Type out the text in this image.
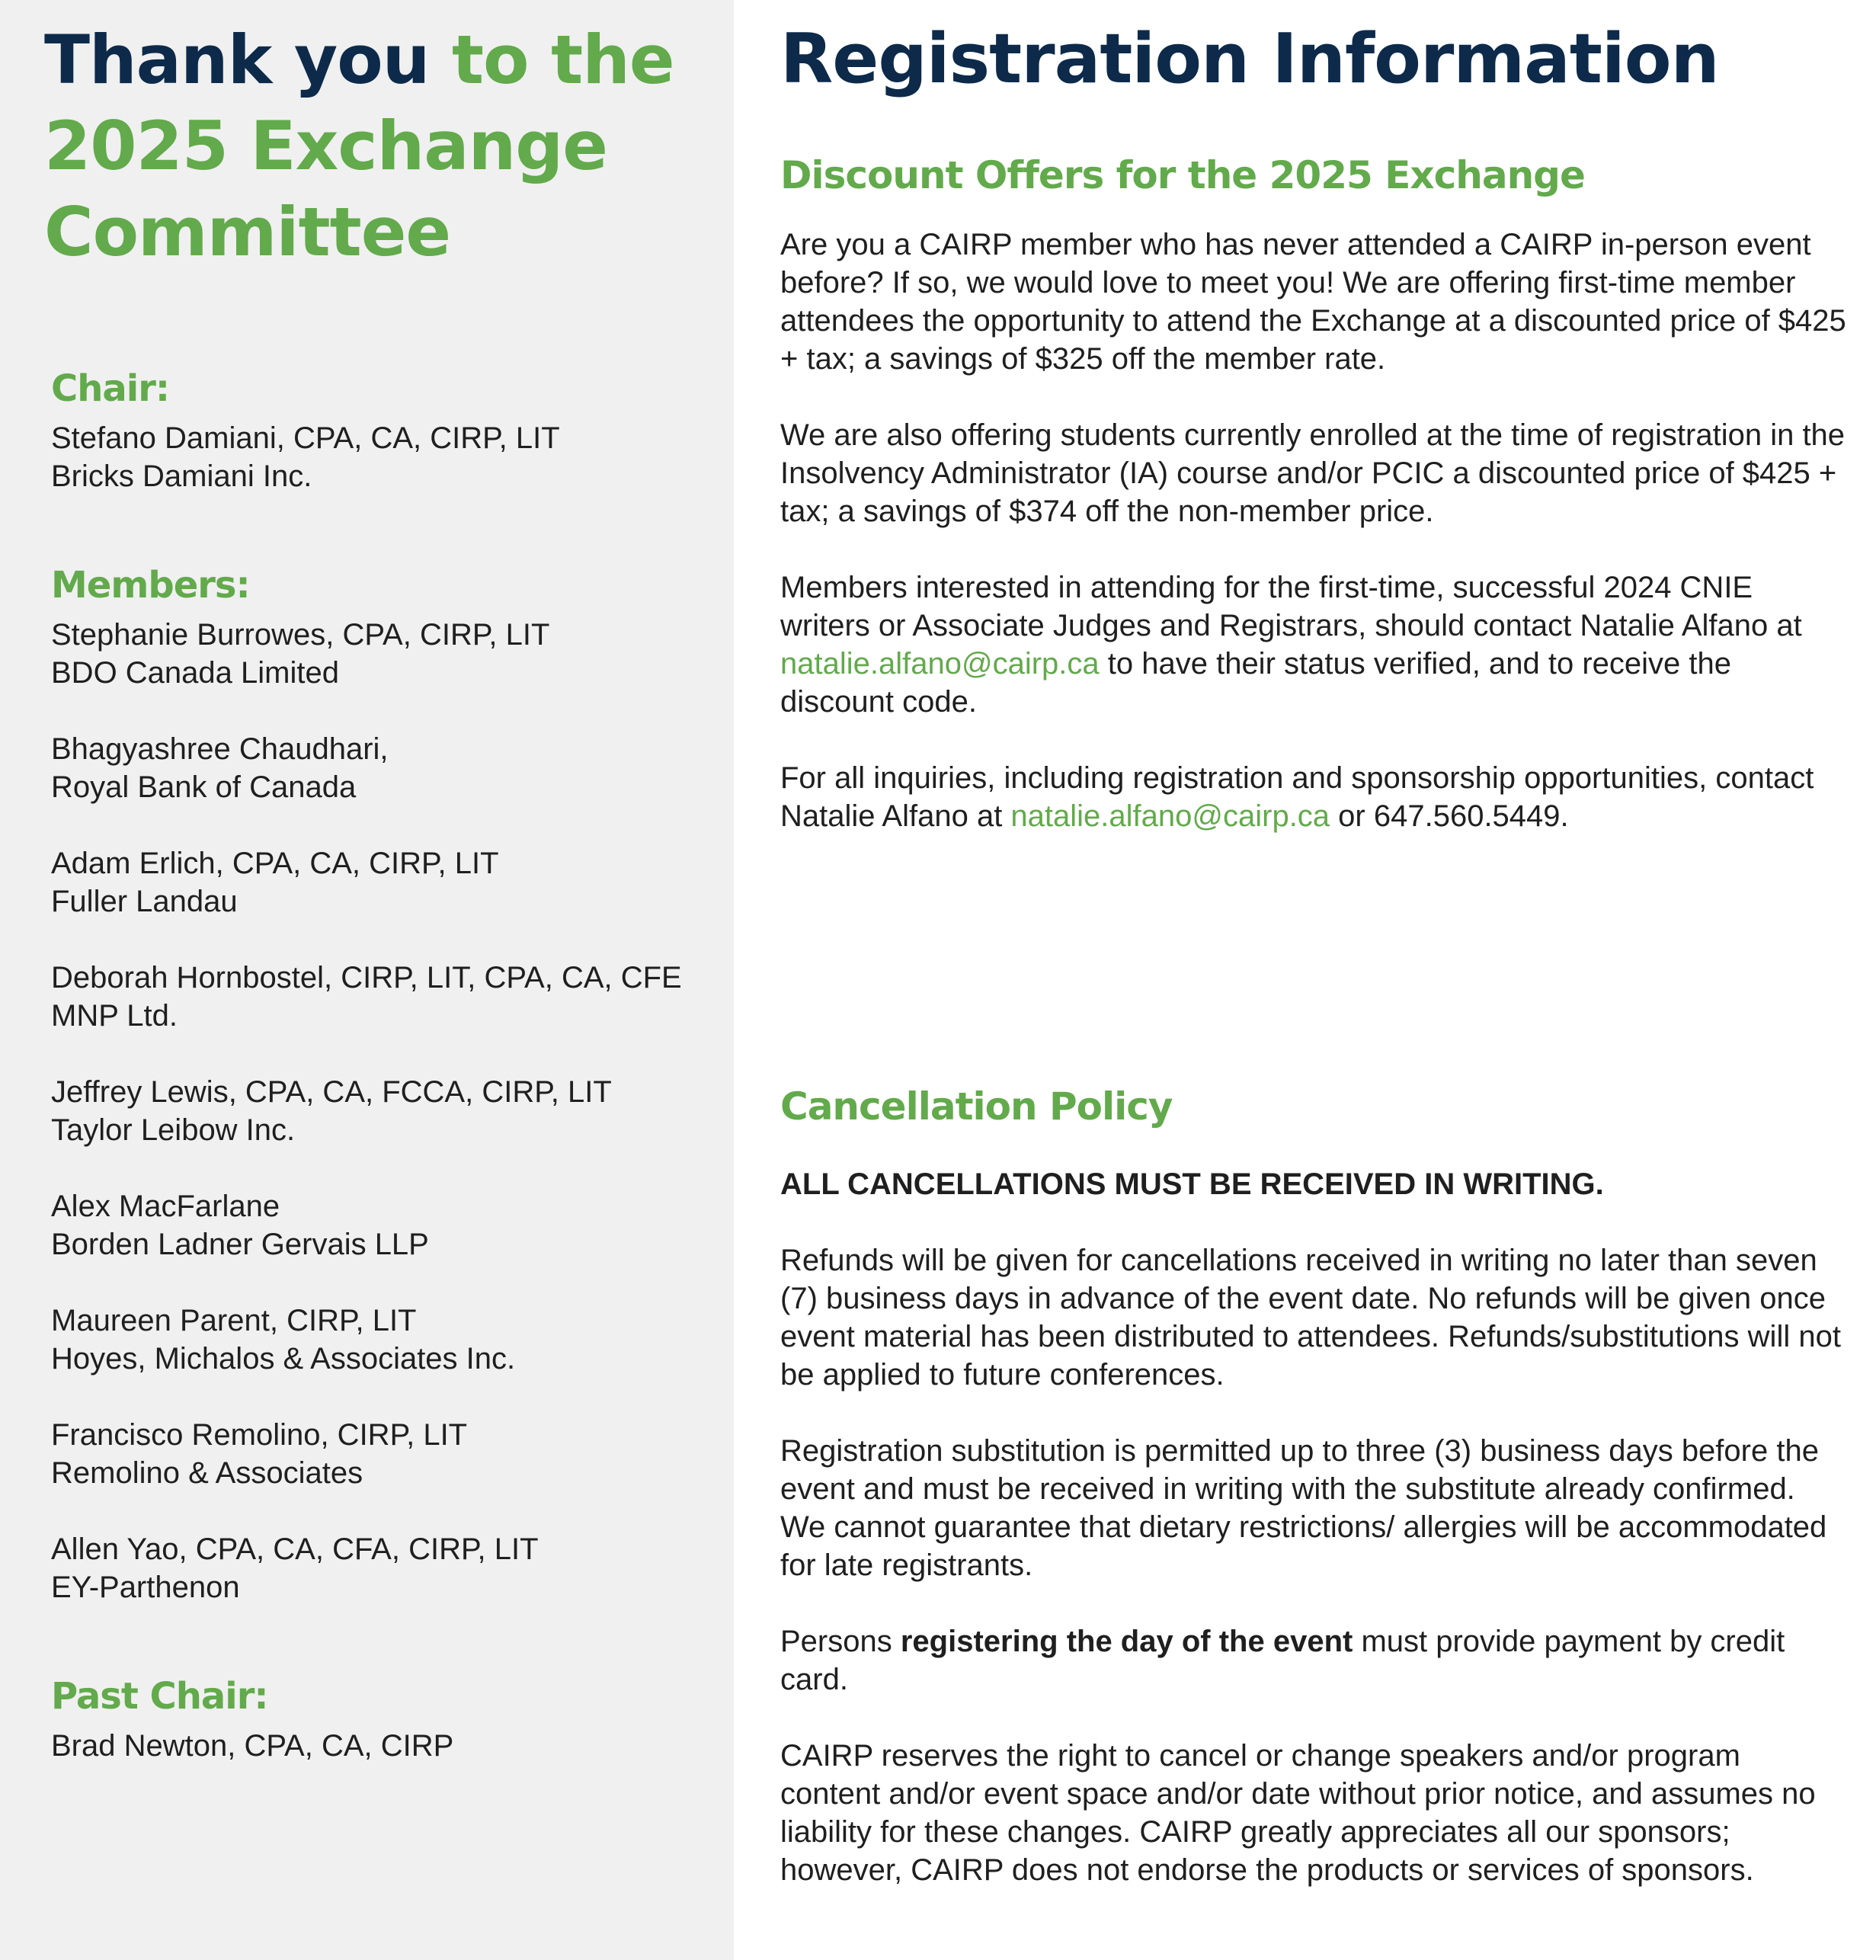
Thank you to the
2025 Exchange
Committee
Chair:

Stefano Damiani, CPA, CA, CIRP, LIT

Bricks Damiani Inc.

Members:
Stephanie Burrowes, CPA, CIRP, LIT
BDO Canada Limited
Bhagyashree Chaudhari,
Royal Bank of Canada
Adam Erlich, CPA, CA, CIRP, LIT
Fuller Landau
Deborah Hornbostel, CIRP, LIT, CPA, CA, CFE
MNP Ltd.
Jeffrey Lewis, CPA, CA, FCCA, CIRP, LIT
Taylor Leibow Inc.
Alex MacFarlane
Borden Ladner Gervais LLP
Maureen Parent, CIRP, LIT
Hoyes, Michalos & Associates Inc.
Francisco Remolino, CIRP, LIT
Remolino & Associates
Allen Yao, CPA, CA, CFA, CIRP, LIT
EY-Parthenon
Past Chair:

Brad Newton, CPA, CA, CIRP

Registration Information
Discount Offers for the 2025 Exchange

Are you a CAIRP member who has never attended a CAIRP in-person event before? If so, we would love to meet you! We are offering first-time member attendees the opportunity to attend the Exchange at a discounted price of $425 + tax; a savings of $325 off the member rate.

We are also offering students currently enrolled at the time of registration in the Insolvency Administrator (IA) course and/or PCIC a discounted price of $425 + tax; a savings of $374 off the non-member price.

Members interested in attending for the first-time, successful 2024 CNIE writers or Associate Judges and Registrars, should contact Natalie Alfano at natalie.alfano@cairp.ca to have their status verified, and to receive the discount code.

For all inquiries, including registration and sponsorship opportunities, contact Natalie Alfano at natalie.alfano@cairp.ca or 647.560.5449.

Cancellation Policy

ALL CANCELLATIONS MUST BE RECEIVED IN WRITING.

Refunds will be given for cancellations received in writing no later than seven (7) business days in advance of the event date. No refunds will be given once event material has been distributed to attendees. Refunds/substitutions will not be applied to future conferences.

Registration substitution is permitted up to three (3) business days before the event and must be received in writing with the substitute already confirmed. We cannot guarantee that dietary restrictions/ allergies will be accommodated for late registrants.

Persons registering the day of the event must provide payment by credit card.

CAIRP reserves the right to cancel or change speakers and/or program content and/or event space and/or date without prior notice, and assumes no liability for these changes. CAIRP greatly appreciates all our sponsors; however, CAIRP does not endorse the products or services of sponsors.
